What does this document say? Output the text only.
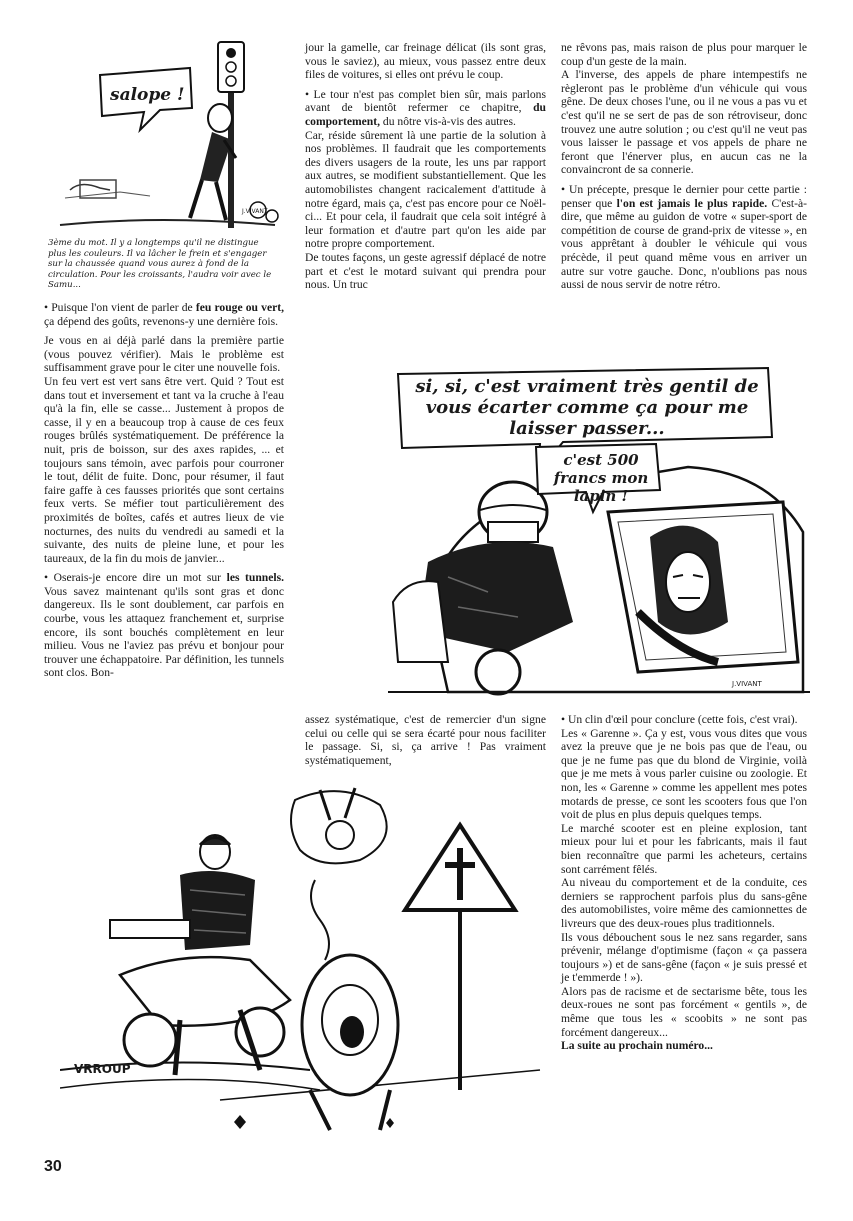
salope !
J.VIVANT
3ème du mot. Il y a longtemps qu'il ne distingue plus les couleurs. Il va lâcher le frein et s'engager sur la chaussée quand vous aurez à fond de la circulation. Pour les croissants, l'audra voir avec le Samu...

• Puisque l'on vient de parler de feu rouge ou vert, ça dépend des goûts, revenons-y une dernière fois.

Je vous en ai déjà parlé dans la première partie (vous pouvez vérifier). Mais le problème est suffisamment grave pour le citer une nouvelle fois.

Un feu vert est vert sans être vert. Quid ? Tout est dans tout et inversement et tant va la cruche à l'eau qu'à la fin, elle se casse... Justement à propos de casse, il y en a beaucoup trop à cause de ces feux rouges brûlés systématiquement. De préférence la nuit, pris de boisson, sur des axes rapides, ... et toujours sans témoin, avec parfois pour courroner le tout, délit de fuite. Donc, pour résumer, il faut faire gaffe à ces fausses priorités que sont certains feux verts. Se méfier tout particulièrement des proximités de boîtes, cafés et autres lieux de vie nocturnes, des nuits du vendredi au samedi et la suivante, des nuits de pleine lune, et pour les taureaux, de la fin du mois de janvier...

• Oserais-je encore dire un mot sur les tunnels. Vous savez maintenant qu'ils sont gras et donc dangereux. Ils le sont doublement, car parfois en courbe, vous les attaquez franchement et, surprise encore, ils sont bouchés complètement en leur milieu. Vous ne l'aviez pas prévu et bonjour pour trouver une échappatoire. Par définition, les tunnels sont clos. Bon-

jour la gamelle, car freinage délicat (ils sont gras, vous le saviez), au mieux, vous passez entre deux files de voitures, si elles ont prévu le coup.

• Le tour n'est pas complet bien sûr, mais parlons avant de bientôt refermer ce chapitre, du comportement, du nôtre vis-à-vis des autres.

Car, réside sûrement là une partie de la solution à nos problèmes. Il faudrait que les comportements des divers usagers de la route, les uns par rapport aux autres, se modifient substantiellement. Que les automobilistes changent racicalement d'attitude à notre égard, mais ça, c'est pas encore pour ce Noël-ci... Et pour cela, il faudrait que cela soit intégré à leur formation et d'autre part qu'on les aide par notre propre comportement.

De toutes façons, un geste agressif déplacé de notre part et c'est le motard suivant qui prendra pour nous. Un truc

ne rêvons pas, mais raison de plus pour marquer le coup d'un geste de la main.

A l'inverse, des appels de phare intempestifs ne règleront pas le problème d'un véhicule qui vous gêne. De deux choses l'une, ou il ne vous a pas vu et c'est qu'il ne se sert de pas de son rétroviseur, donc trouvez une autre solution ; ou c'est qu'il ne veut pas vous laisser le passage et vos appels de phare ne feront que l'énerver plus, en aucun cas ne la convaincront de sa connerie.

• Un précepte, presque le dernier pour cette partie : penser que l'on est jamais le plus rapide. C'est-à-dire, que même au guidon de votre « super-sport de compétition de course de grand-prix de vitesse », en vous apprêtant à doubler le véhicule qui vous précède, il peut quand même vous en arriver un autre sur votre gauche. Donc, n'oublions pas nous aussi de nous servir de notre rétro.

si, si, c'est vraiment très gentil de vous écarter comme ça pour me laisser passer...
c'est 500 francs mon lapin !
J.VIVANT

assez systématique, c'est de remercier d'un signe celui ou celle qui se sera écarté pour nous faciliter le passage. Si, si, ça arrive ! Pas vraiment systématiquement,

• Un clin d'œil pour conclure (cette fois, c'est vrai).

Les « Garenne ». Ça y est, vous vous dites que vous avez la preuve que je ne bois pas que de l'eau, ou que je ne fume pas que du blond de Virginie, voilà que je me mets à vous parler cuisine ou zoologie. Et non, les « Garenne » comme les appellent mes potes motards de presse, ce sont les scooters fous que l'on voit de plus en plus depuis quelques temps.

Le marché scooter est en pleine explosion, tant mieux pour lui et pour les fabricants, mais il faut bien reconnaître que parmi les acheteurs, certains sont carrément fêlés.

Au niveau du comportement et de la conduite, ces derniers se rapprochent parfois plus du sans-gêne des automobilistes, voire même des camionnettes de livreurs que des deux-roues plus traditionnels.

Ils vous débouchent sous le nez sans regarder, sans prévenir, mélange d'optimisme (façon « ça passera toujours ») et de sans-gêne (façon « je suis pressé et je t'emmerde ! »).

Alors pas de racisme et de sectarisme bête, tous les deux-roues ne sont pas forcément « gentils », de même que tous les « scoobits » ne sont pas forcément dangereux...

La suite au prochain numéro...

VRROUP
30
